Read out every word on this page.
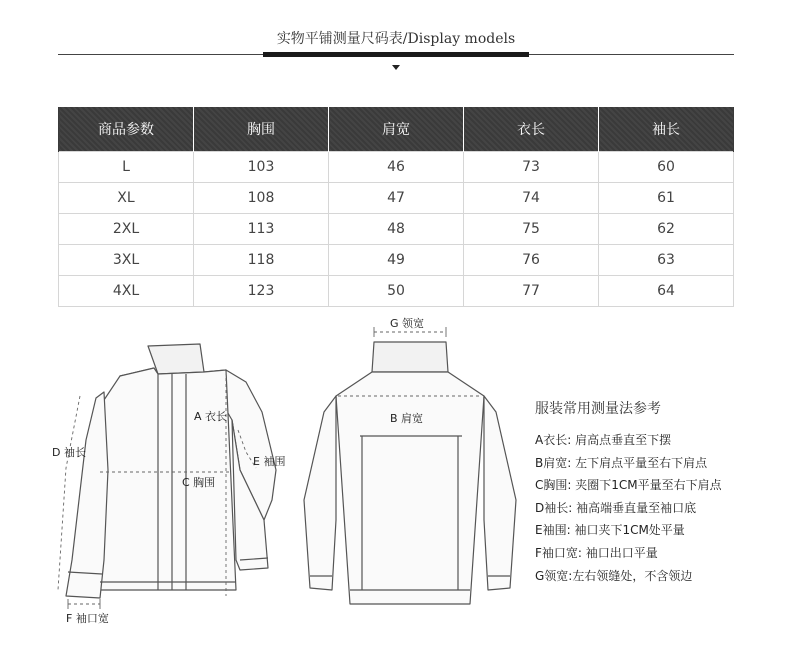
实物平铺测量尺码表/Display models
商品参数	胸围	肩宽	衣长	袖长
L	103	46	73	60
XL	108	47	74	61
2XL	113	48	75	62
3XL	118	49	76	63
4XL	123	50	77	64
A 衣长
C 胸围
D 袖长
E 袖围
F 袖口宽
G 领宽
B 肩宽
服装常用测量法参考
A衣长: 肩高点垂直至下摆
B肩宽: 左下肩点平量至右下肩点
C胸围: 夹圈下1CM平量至右下肩点
D袖长: 袖高端垂直量至袖口底
E袖围: 袖口夹下1CM处平量
F袖口宽: 袖口出口平量
G领宽:左右领缝处，不含领边
